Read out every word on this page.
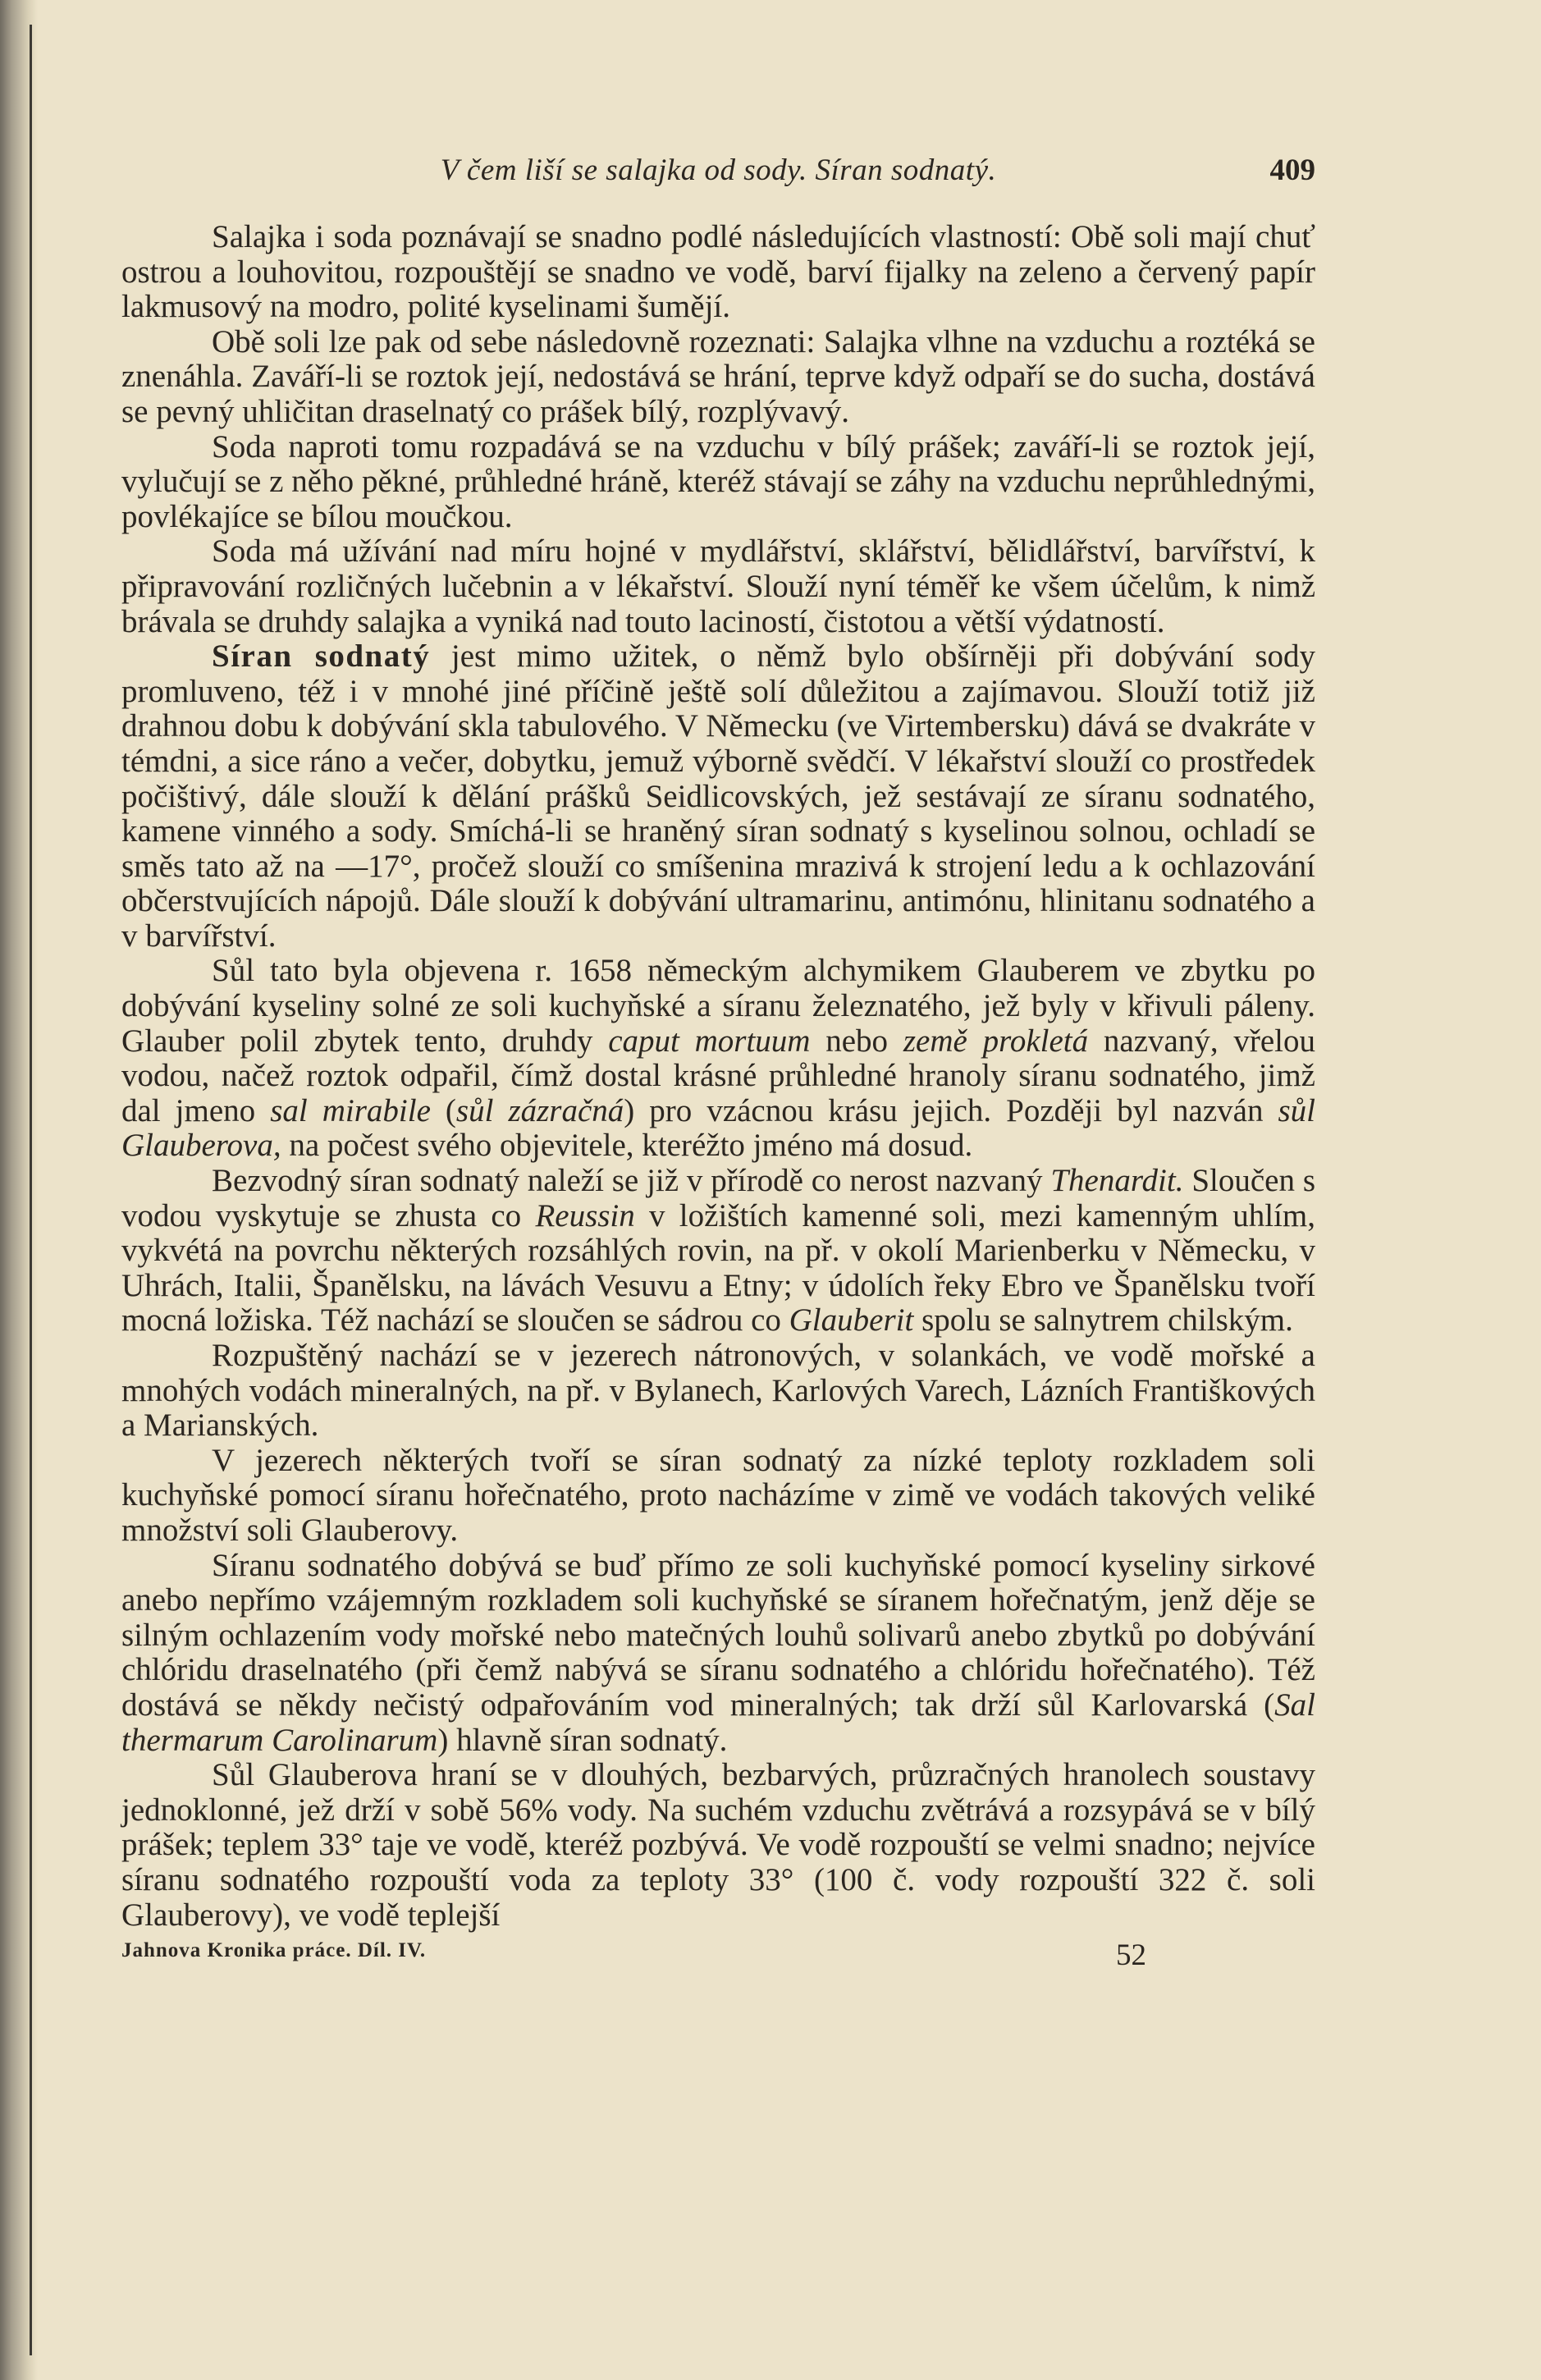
V čem liší se salajka od sody. Síran sodnatý.	409

Salajka i soda poznávají se snadno podlé následujících vlastností: Obě soli mají chuť ostrou a louhovitou, rozpouštějí se snadno ve vodě, barví fijalky na zeleno a červený papír lakmusový na modro, polité kyselinami šumějí.

Obě soli lze pak od sebe následovně rozeznati: Salajka vlhne na vzduchu a roztéká se znenáhla. Zaváří-li se roztok její, nedostává se hrání, teprve když odpaří se do sucha, dostává se pevný uhličitan draselnatý co prášek bílý, rozplývavý.

Soda naproti tomu rozpadává se na vzduchu v bílý prášek; zaváří-li se roztok její, vylučují se z něho pěkné, průhledné hráně, kteréž stávají se záhy na vzduchu neprůhlednými, povlékajíce se bílou moučkou.

Soda má užívání nad míru hojné v mydlářství, sklářství, bělidlářství, barvířství, k připravování rozličných lučebnin a v lékařství. Slouží nyní téměř ke všem účelům, k nimž brávala se druhdy salajka a vyniká nad touto laciností, čistotou a větší výdatností.

Síran sodnatý jest mimo užitek, o němž bylo obšírněji při dobývání sody promluveno, též i v mnohé jiné příčině ještě solí důležitou a zajímavou. Slouží totiž již drahnou dobu k dobývání skla tabulového. V Německu (ve Virtembersku) dává se dvakráte v témdni, a sice ráno a večer, dobytku, jemuž výborně svědčí. V lékařství slouží co prostředek počištivý, dále slouží k dělání prášků Seidlicovských, jež sestávají ze síranu sodnatého, kamene vinného a sody. Smíchá-li se hraněný síran sodnatý s kyselinou solnou, ochladí se směs tato až na —17°, pročež slouží co smíšenina mrazivá k strojení ledu a k ochlazování občerstvujících nápojů. Dále slouží k dobývání ultramarinu, antimónu, hlinitanu sodnatého a v barvířství.

Sůl tato byla objevena r. 1658 německým alchymikem Glauberem ve zbytku po dobývání kyseliny solné ze soli kuchyňské a síranu železnatého, jež byly v křivuli páleny. Glauber polil zbytek tento, druhdy caput mortuum nebo země prokletá nazvaný, vřelou vodou, načež roztok odpařil, čímž dostal krásné průhledné hranoly síranu sodnatého, jimž dal jmeno sal mirabile (sůl zázračná) pro vzácnou krásu jejich. Později byl nazván sůl Glauberova, na počest svého objevitele, kteréžto jméno má dosud.

Bezvodný síran sodnatý naleží se již v přírodě co nerost nazvaný Thenardit. Sloučen s vodou vyskytuje se zhusta co Reussin v ložištích kamenné soli, mezi kamenným uhlím, vykvétá na povrchu některých rozsáhlých rovin, na př. v okolí Marienberku v Německu, v Uhrách, Italii, Španělsku, na lávách Vesuvu a Etny; v údolích řeky Ebro ve Španělsku tvoří mocná ložiska. Též nachází se sloučen se sádrou co Glauberit spolu se salnytrem chilským.

Rozpuštěný nachází se v jezerech nátronových, v solankách, ve vodě mořské a mnohých vodách mineralných, na př. v Bylanech, Karlových Varech, Lázních Františkových a Marianských.

V jezerech některých tvoří se síran sodnatý za nízké teploty rozkladem soli kuchyňské pomocí síranu hořečnatého, proto nacházíme v zimě ve vodách takových veliké množství soli Glauberovy.

Síranu sodnatého dobývá se buď přímo ze soli kuchyňské pomocí kyseliny sirkové anebo nepřímo vzájemným rozkladem soli kuchyňské se síranem hořečnatým, jenž děje se silným ochlazením vody mořské nebo matečných louhů solivarů anebo zbytků po dobývání chlóridu draselnatého (při čemž nabývá se síranu sodnatého a chlóridu hořečnatého). Též dostává se někdy nečistý odpařováním vod mineralných; tak drží sůl Karlovarská (Sal thermarum Carolinarum) hlavně síran sodnatý.

Sůl Glauberova hraní se v dlouhých, bezbarvých, průzračných hranolech soustavy jednoklonné, jež drží v sobě 56% vody. Na suchém vzduchu zvětrává a rozsypává se v bílý prášek; teplem 33° taje ve vodě, kteréž pozbývá. Ve vodě rozpouští se velmi snadno; nejvíce síranu sodnatého rozpouští voda za teploty 33° (100 č. vody rozpouští 322 č. soli Glauberovy), ve vodě teplejší

Jahnova Kronika práce. Díl. IV.	52
